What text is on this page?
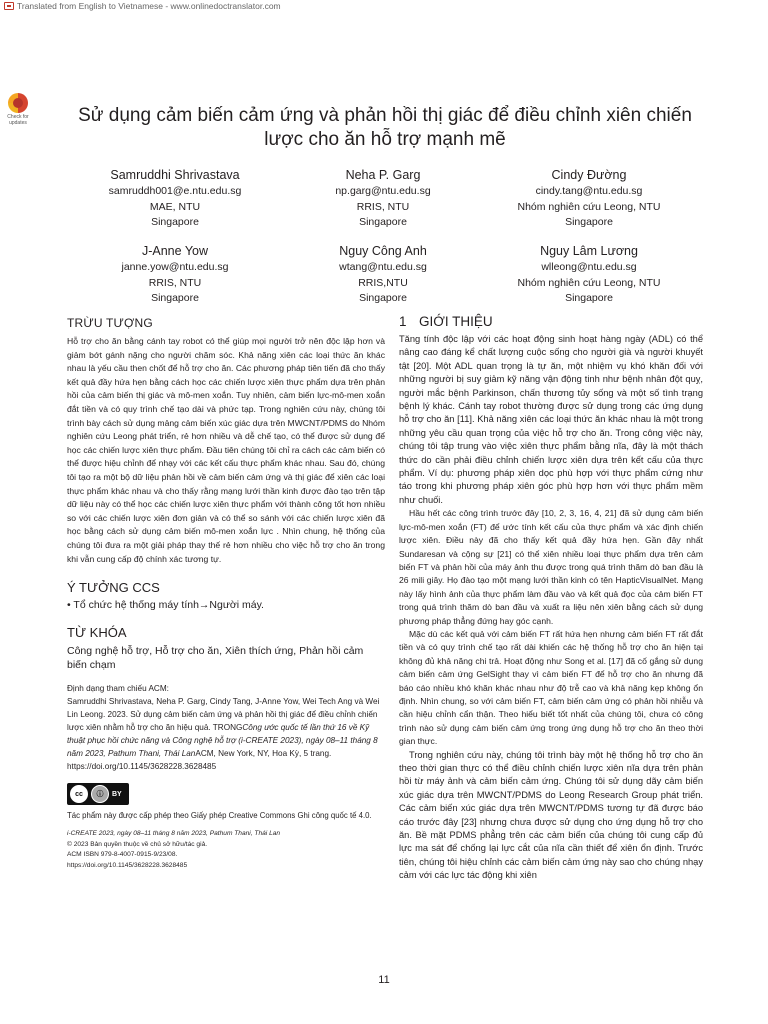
Translated from English to Vietnamese - www.onlinedoctranslator.com
Check for updates	Sử dụng cảm biến cảm ứng và phản hồi thị giác để điều chỉnh xiên chiến lược cho ăn hỗ trợ mạnh mẽ
Samruddhi Shrivastava
samruddh001@e.ntu.edu.sg
MAE, NTU
Singapore
Neha P. Garg
np.garg@ntu.edu.sg
RRIS, NTU
Singapore
Cindy Đường
cindy.tang@ntu.edu.sg
Nhóm nghiên cứu Leong, NTU
Singapore
J-Anne Yow
janne.yow@ntu.edu.sg
RRIS, NTU
Singapore
Nguy Công Anh
wtang@ntu.edu.sg
RRIS,NTU
Singapore
Nguy Lâm Lương
wlleong@ntu.edu.sg
Nhóm nghiên cứu Leong, NTU
Singapore
TRỪU TƯỢNG

Hỗ trợ cho ăn bằng cánh tay robot có thể giúp mọi người trở nên độc lập hơn và giảm bớt gánh nặng cho người chăm sóc. Khả năng xiên các loại thức ăn khác nhau là yếu cầu then chốt để hỗ trợ cho ăn. Các phương pháp tiên tiến đã cho thấy kết quả đầy hứa hẹn bằng cách học các chiến lược xiên thực phẩm dựa trên phản hồi của cảm biến thị giác và mô-men xoắn. Tuy nhiên, cảm biến lực-mô-men xoắn đắt tiền và có quy trình chế tạo dài và phức tạp. Trong nghiên cứu này, chúng tôi trình bày cách sử dụng mảng cảm biến xúc giác dựa trên MWCNT/PDMS do Nhóm nghiên cứu Leong phát triển, rẻ hơn nhiều và dễ chế tạo, có thể được sử dụng để học các chiến lược xiên thực phẩm. Đầu tiên chúng tôi chỉ ra cách các cảm biến có thể được hiệu chỉnh để nhạy với các kết cấu thực phẩm khác nhau. Sau đó, chúng tôi tạo ra một bộ dữ liệu phản hồi về cảm biến cảm ứng và thị giác để xiên các loại thực phẩm khác nhau và cho thấy rằng mạng lưới thần kinh được đào tạo trên tập dữ liệu này có thể học các chiến lược xiên thực phẩm với thành công tốt hơn nhiều so với các chiến lược xiên đơn giản và có thể so sánh với các chiến lược xiên đã học bằng cách sử dụng cảm biến mô-men xoắn lực . Nhìn chung, hệ thống của chúng tôi đưa ra một giải pháp thay thế rẻ hơn nhiều cho việc hỗ trợ cho ăn trong khi vẫn cung cấp độ chính xác tương tự.

Ý TƯỞNG CCS

• Tổ chức hệ thống máy tính→Người máy.

TỪ KHÓA

Công nghệ hỗ trợ, Hỗ trợ cho ăn, Xiên thích ứng, Phản hồi cảm biến chạm

Định dạng tham chiếu ACM:
Samruddhi Shrivastava, Neha P. Garg, Cindy Tang, J-Anne Yow, Wei Tech Ang và Wei Lin Leong. 2023. Sử dụng cảm biến cảm ứng và phản hồi thị giác để điều chỉnh chiến lược xiên nhằm hỗ trợ cho ăn hiệu quả. TRONGCông ước quốc tế lần thứ 16 về Kỹ thuật phục hồi chức năng và Công nghệ hỗ trợ (i-CREATE 2023), ngày 08–11 tháng 8 năm 2023, Pathum Thani, Thái LanACM, New York, NY, Hoa Kỳ, 5 trang. https://doi.org/10.1145/3628228.3628485
cc	ⓘ	BY
Tác phẩm này được cấp phép theo Giấy phép Creative Commons Ghi công quốc tế 4.0.
i-CREATE 2023, ngày 08–11 tháng 8 năm 2023, Pathum Thani, Thái Lan
© 2023 Bản quyền thuộc về chủ sở hữu/tác giả.
ACM ISBN 979-8-4007-0915-9/23/08.
https://doi.org/10.1145/3628228.3628485
1 GIỚI THIỆU

Tăng tính độc lập với các hoạt động sinh hoạt hàng ngày (ADL) có thể nâng cao đáng kể chất lượng cuộc sống cho người già và người khuyết tật [20]. Một ADL quan trọng là tự ăn, một nhiệm vụ khó khăn đối với những người bị suy giảm kỹ năng vận động tinh như bệnh nhân đột quỵ, người mắc bệnh Parkinson, chấn thương tủy sống và một số tình trạng bệnh lý khác. Cánh tay robot thường được sử dụng trong các ứng dụng hỗ trợ cho ăn [11]. Khả năng xiên các loại thức ăn khác nhau là một trong những yêu cầu quan trọng của việc hỗ trợ cho ăn. Trong công việc này, chúng tôi tập trung vào việc xiên thực phẩm bằng nĩa, đây là một thách thức do cần phải điều chỉnh chiến lược xiên dựa trên kết cấu của thực phẩm. Ví dụ: phương pháp xiên dọc phù hợp với thực phẩm cứng như táo trong khi phương pháp xiên góc phù hợp hơn với thực phẩm mềm như chuối.

Hầu hết các công trình trước đây [10, 2, 3, 16, 4, 21] đã sử dụng cảm biến lực-mô-men xoắn (FT) để ước tính kết cấu của thực phẩm và xác định chiến lược xiên. Điều này đã cho thấy kết quả đầy hứa hẹn. Gần đây nhất Sundaresan và cộng sự [21] có thể xiên nhiều loại thực phẩm dựa trên cảm biến FT và phản hồi của máy ảnh thu được trong quá trình thăm dò ban đầu là 26 mili giây. Họ đào tạo một mạng lưới thần kinh có tên HapticVisualNet. Mạng này lấy hình ảnh của thực phẩm làm đầu vào và kết quả đọc của cảm biến FT trong quá trình thăm dò ban đầu và xuất ra liệu nên xiên bằng cách sử dụng phương pháp thẳng đứng hay góc cạnh.

Mặc dù các kết quả với cảm biến FT rất hứa hẹn nhưng cảm biến FT rất đắt tiền và có quy trình chế tạo rất dài khiến các hệ thống hỗ trợ cho ăn hiện tại không đủ khả năng chi trả. Hoạt động như Song et al. [17] đã cố gắng sử dụng cảm biến cảm ứng GelSight thay vì cảm biến FT để hỗ trợ cho ăn nhưng đã báo cáo nhiều khó khăn khác nhau như độ trễ cao và khả năng kẹp không ổn định. Nhìn chung, so với cảm biến FT, cảm biến cảm ứng có phản hồi nhiễu và cần hiệu chỉnh cẩn thận. Theo hiểu biết tốt nhất của chúng tôi, chưa có công trình nào sử dụng cảm biến cảm ứng trong ứng dụng hỗ trợ cho ăn theo thời gian thực.

Trong nghiên cứu này, chúng tôi trình bày một hệ thống hỗ trợ cho ăn theo thời gian thực có thể điều chỉnh chiến lược xiên nĩa dựa trên phản hồi từ máy ảnh và cảm biến cảm ứng. Chúng tôi sử dụng dãy cảm biến xúc giác dựa trên MWCNT/PDMS do Leong Research Group phát triển. Các cảm biến xúc giác dựa trên MWCNT/PDMS tương tự đã được báo cáo trước đây [23] nhưng chưa được sử dụng cho ứng dụng hỗ trợ cho ăn. Bề mặt PDMS phẳng trên các cảm biến của chúng tôi cung cấp đủ lực ma sát để chống lại lực cắt của nĩa cần thiết để xiên ổn định. Trước tiên, chúng tôi hiệu chỉnh các cảm biến cảm ứng này sao cho chúng nhạy cảm với các lực tác động khi xiên

11
